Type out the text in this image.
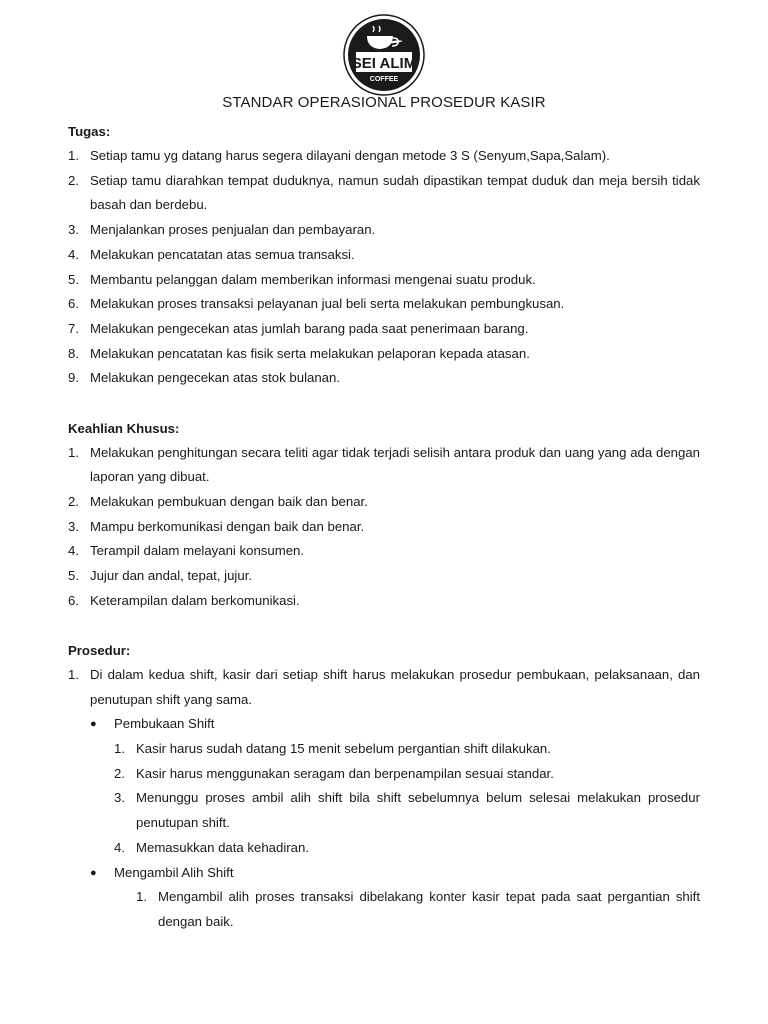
SEI ALIM
COFFEE
STANDAR OPERASIONAL PROSEDUR KASIR
Tugas:
1. Setiap tamu yg datang harus segera dilayani dengan metode 3 S (Senyum,Sapa,Salam).
2. Setiap tamu diarahkan tempat duduknya, namun sudah dipastikan tempat duduk dan meja bersih tidak basah dan berdebu.
3. Menjalankan proses penjualan dan pembayaran.
4. Melakukan pencatatan atas semua transaksi.
5. Membantu pelanggan dalam memberikan informasi mengenai suatu produk.
6. Melakukan proses transaksi pelayanan jual beli serta melakukan pembungkusan.
7. Melakukan pengecekan atas jumlah barang pada saat penerimaan barang.
8. Melakukan pencatatan kas fisik serta melakukan pelaporan kepada atasan.
9. Melakukan pengecekan atas stok bulanan.
Keahlian Khusus:
1. Melakukan penghitungan secara teliti agar tidak terjadi selisih antara produk dan uang yang ada dengan laporan yang dibuat.
2. Melakukan pembukuan dengan baik dan benar.
3. Mampu berkomunikasi dengan baik dan benar.
4. Terampil dalam melayani konsumen.
5. Jujur dan andal, tepat, jujur.
6. Keterampilan dalam berkomunikasi.
Prosedur:
1. Di dalam kedua shift, kasir dari setiap shift harus melakukan prosedur pembukaan, pelaksanaan, dan penutupan shift yang sama.
● Pembukaan Shift
1. Kasir harus sudah datang 15 menit sebelum pergantian shift dilakukan.
2. Kasir harus menggunakan seragam dan berpenampilan sesuai standar.
3. Menunggu proses ambil alih shift bila shift sebelumnya belum selesai melakukan prosedur penutupan shift.
4. Memasukkan data kehadiran.
● Mengambil Alih Shift
1. Mengambil alih proses transaksi dibelakang konter kasir tepat pada saat pergantian shift dengan baik.
